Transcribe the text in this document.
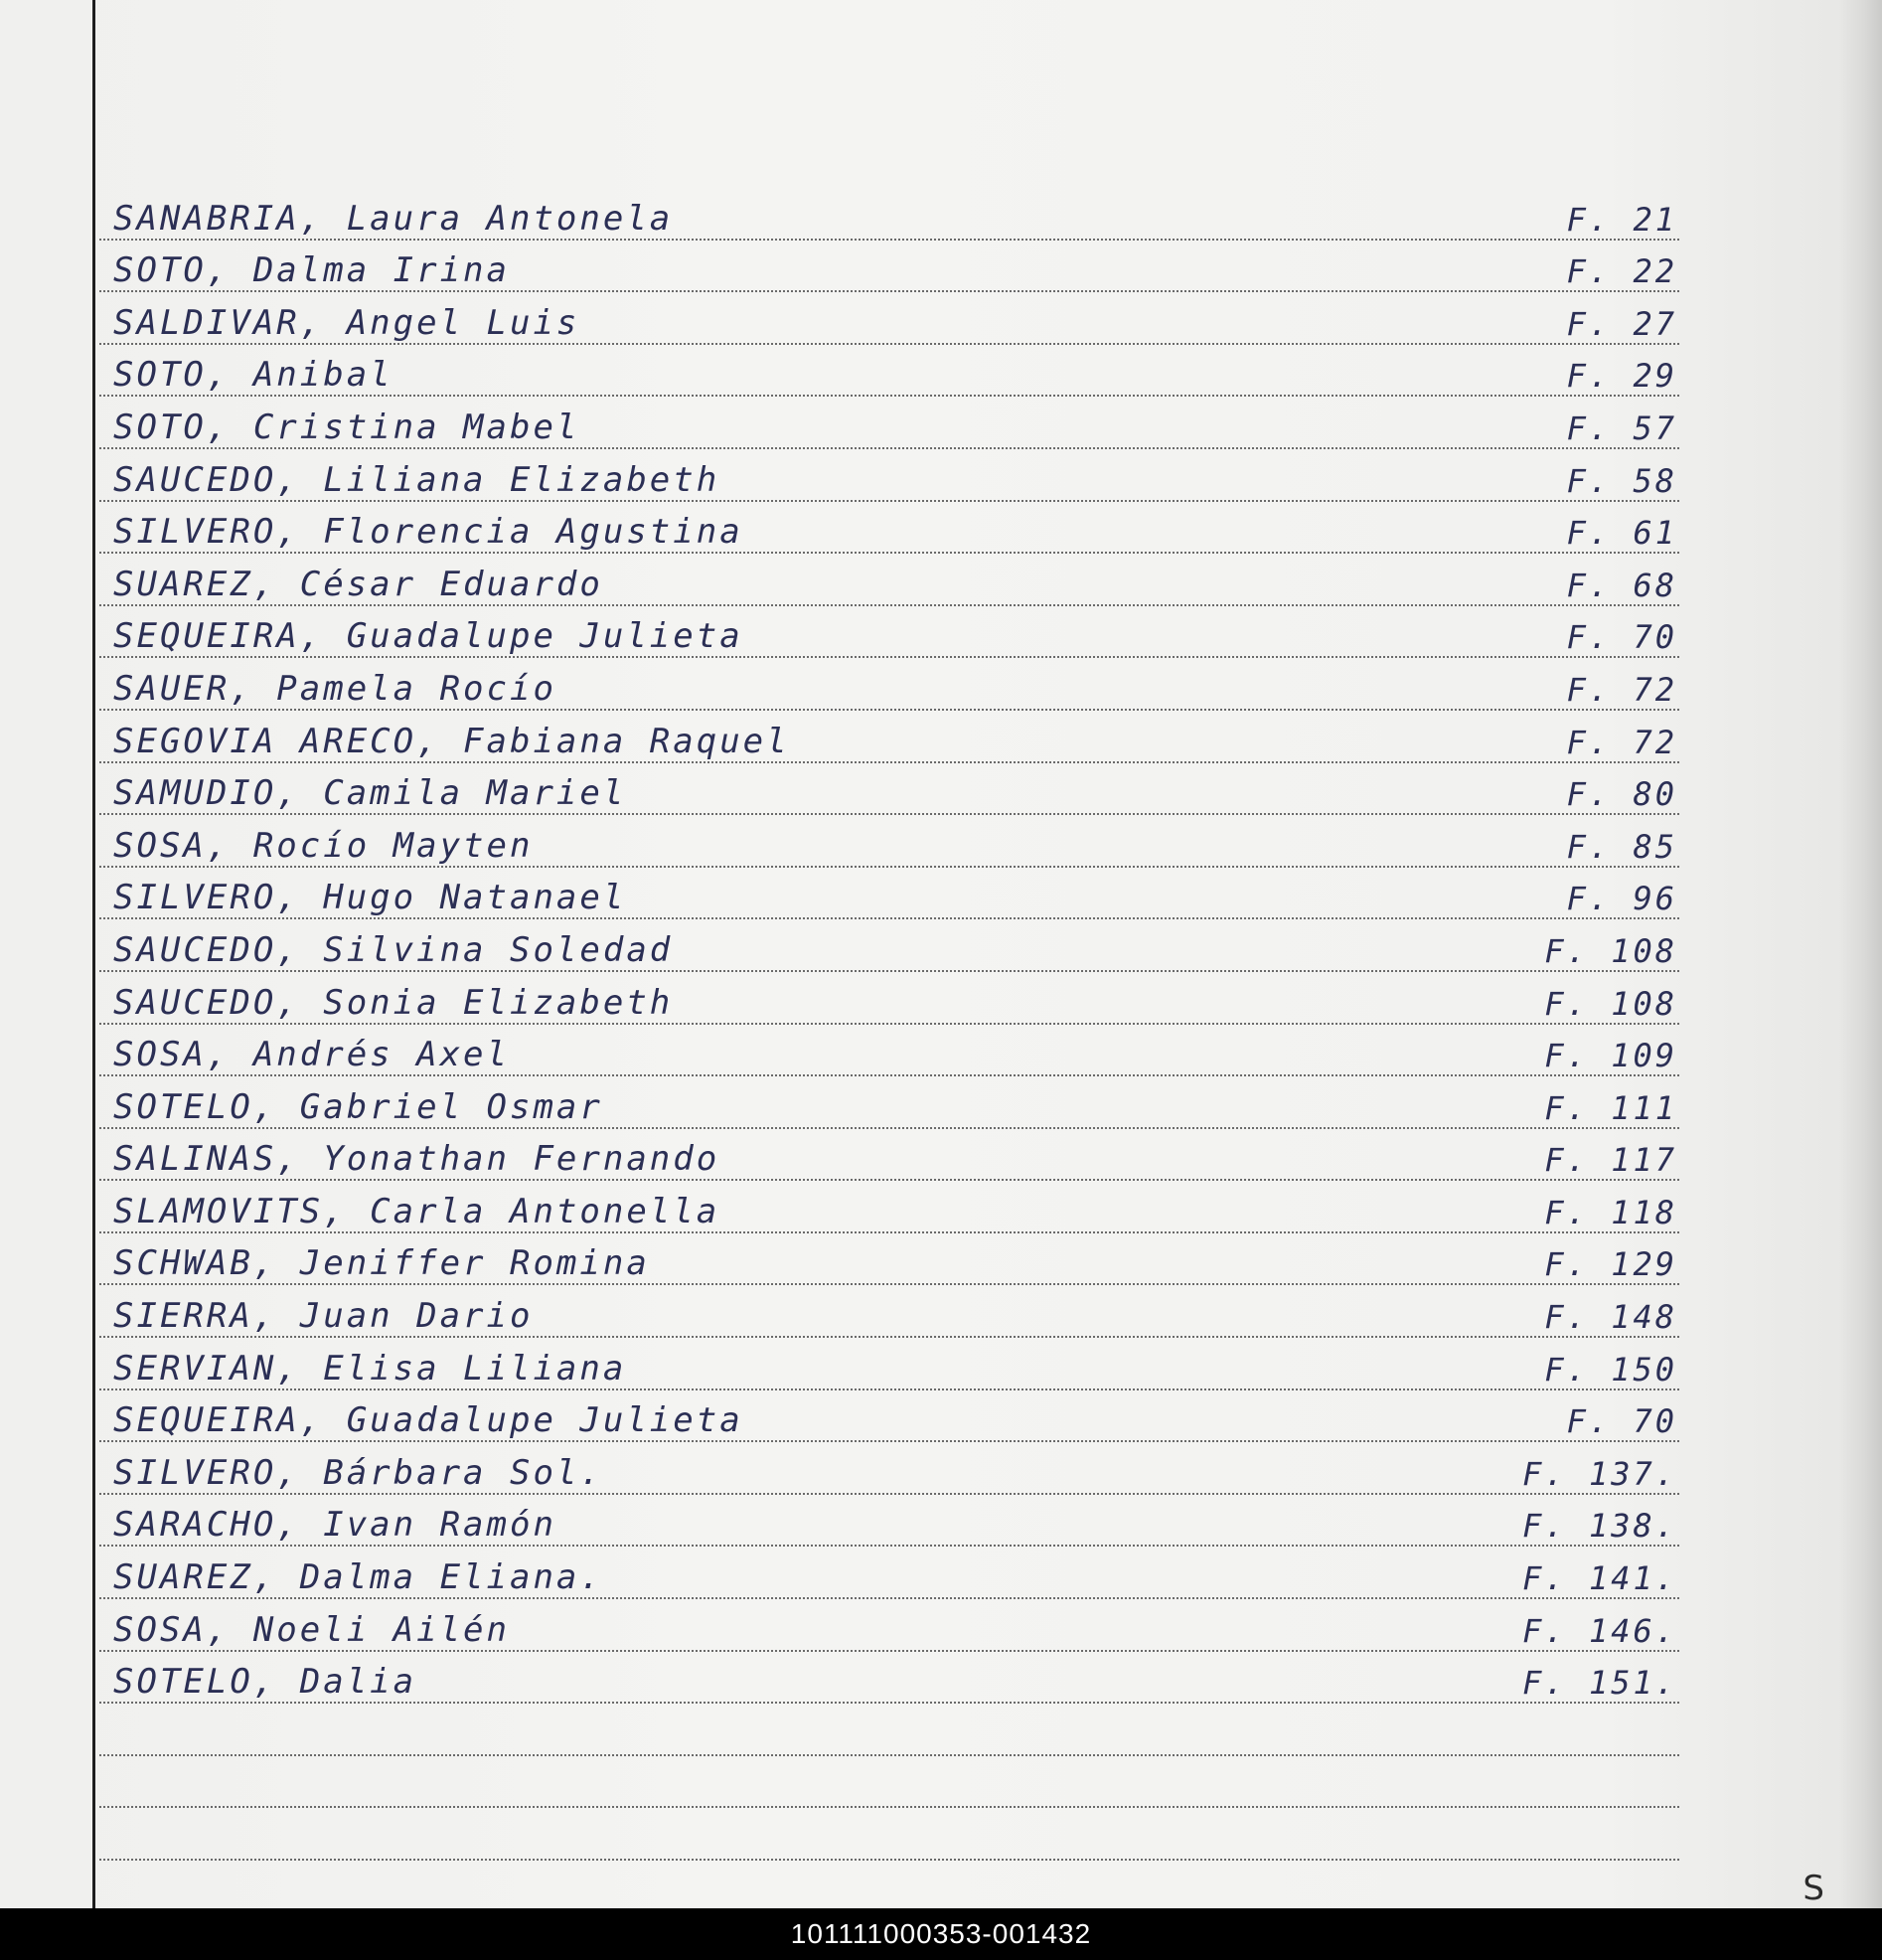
SANABRIA, Laura Antonela	F. 21
SOTO, Dalma Irina	F. 22
SALDIVAR, Angel Luis	F. 27
SOTO, Anibal	F. 29
SOTO, Cristina Mabel	F. 57
SAUCEDO, Liliana Elizabeth	F. 58
SILVERO, Florencia Agustina	F. 61
SUAREZ, César Eduardo	F. 68
SEQUEIRA, Guadalupe Julieta	F. 70
SAUER, Pamela Rocío	F. 72
SEGOVIA ARECO, Fabiana Raquel	F. 72
SAMUDIO, Camila Mariel	F. 80
SOSA, Rocío Mayten	F. 85
SILVERO, Hugo Natanael	F. 96
SAUCEDO, Silvina Soledad	F. 108
SAUCEDO, Sonia Elizabeth	F. 108
SOSA, Andrés Axel	F. 109
SOTELO, Gabriel Osmar	F. 111
SALINAS, Yonathan Fernando	F. 117
SLAMOVITS, Carla Antonella	F. 118
SCHWAB, Jeniffer Romina	F. 129
SIERRA, Juan Dario	F. 148
SERVIAN, Elisa Liliana	F. 150
SEQUEIRA, Guadalupe Julieta	F. 70
SILVERO, Bárbara Sol.	F. 137.
SARACHO, Ivan Ramón	F. 138.
SUAREZ, Dalma Eliana.	F. 141.
SOSA, Noeli Ailén	F. 146.
SOTELO, Dalia	F. 151.
S
101111000353-001432
